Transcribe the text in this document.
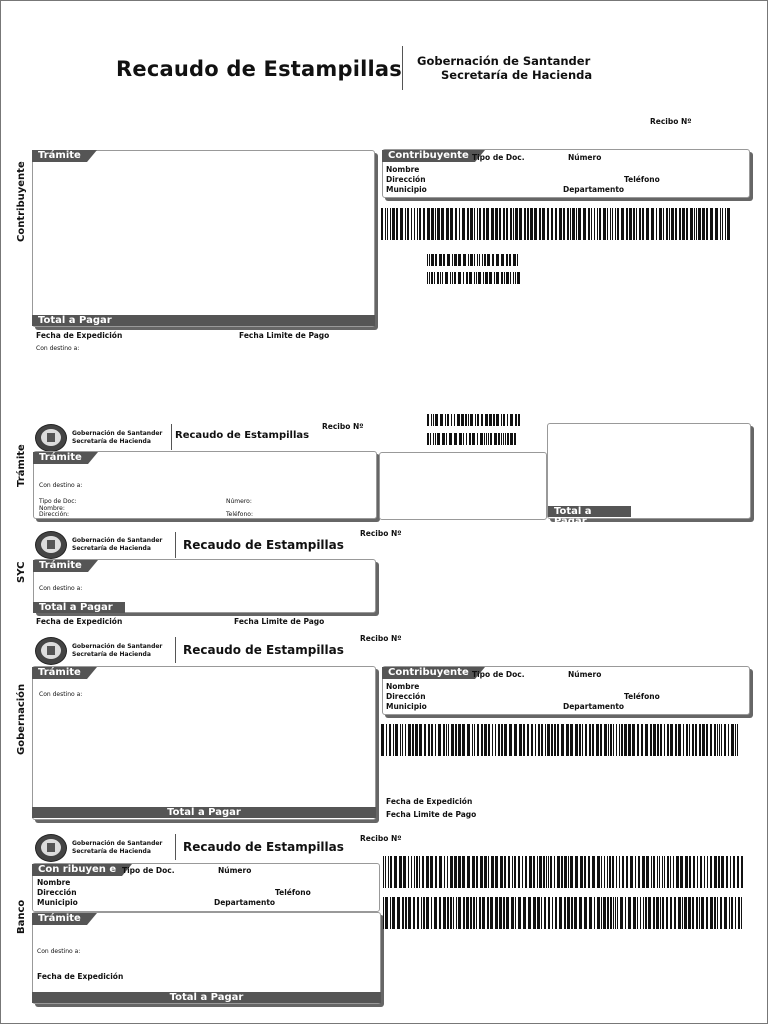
Recaudo de Estampillas Gobernación de Santander
Secretaría de Hacienda
Recibo Nº
Contribuyente
Trámite
Total a Pagar
Fecha de Expedición	Fecha Limite de Pago
Con destino a:
Contribuyente Tipo de Doc.	Número
Nombre
Dirección	Teléfono
Municipio	Departamento
Gobernación de Santander
Secretaría de Hacienda
Recaudo de Estampillas
Recibo Nº
Trámite	Trámite
Con destino a:
Tipo de Doc:	Número:
Nombre:
Dirección:	Teléfono:	Total a Pagar
Gobernación de Santander
Secretaría de Hacienda	Recaudo de Estampillas
Recibo Nº
SYC	Trámite
Con destino a:
Total a Pagar
Fecha de Expedición	Fecha Limite de Pago
Gobernación de Santander
Secretaría de Hacienda	Recaudo de Estampillas
Recibo Nº
Gobernación
Trámite
Con destino a:
Total a Pagar
Contribuyente Tipo de Doc.	Número
Nombre
Dirección	Teléfono
Municipio	Departamento
Fecha de Expedición
Fecha Limite de Pago
Gobernación de Santander
Secretaría de Hacienda	Recaudo de Estampillas
Recibo Nº
Banco
Con ribuyen e Tipo de Doc.	Número
Nombre
Dirección	Teléfono
Municipio	Departamento
Trámite
Con destino a:
Fecha de Expedición
Total a Pagar
